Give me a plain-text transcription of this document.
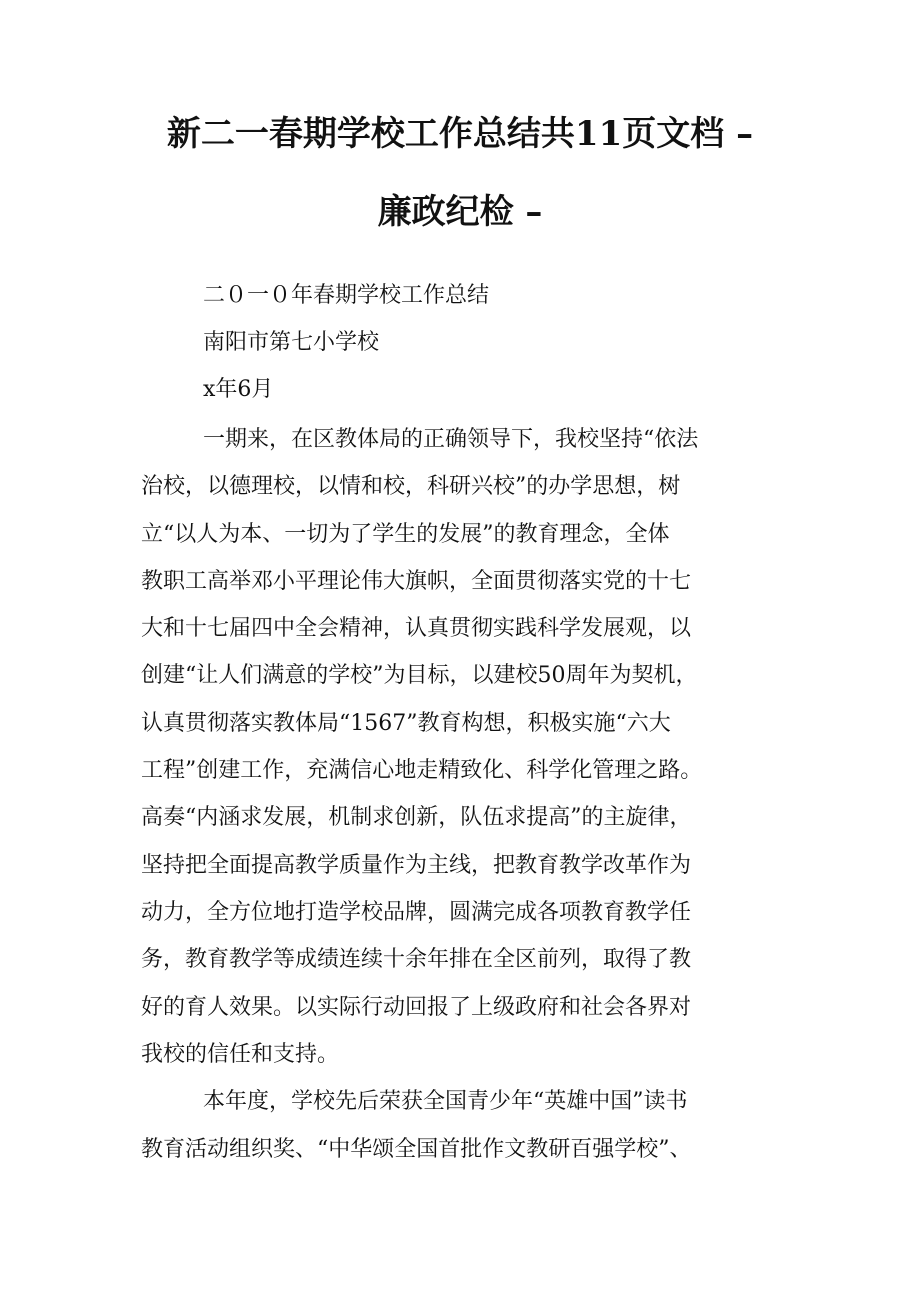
新二一春期学校工作总结共11页文档 –
廉政纪检 –
二０一０年春期学校工作总结
南阳市第七小学校
x年6月
一期来，在区教体局的正确领导下，我校坚持“依法
治校，以德理校，以情和校，科研兴校”的办学思想，树
立“以人为本、一切为了学生的发展”的教育理念，全体
教职工高举邓小平理论伟大旗帜，全面贯彻落实党的十七
大和十七届四中全会精神，认真贯彻实践科学发展观，以
创建“让人们满意的学校”为目标，以建校50周年为契机，
认真贯彻落实教体局“1567”教育构想，积极实施“六大
工程”创建工作，充满信心地走精致化、科学化管理之路。
高奏“内涵求发展，机制求创新，队伍求提高”的主旋律，
坚持把全面提高教学质量作为主线，把教育教学改革作为
动力，全方位地打造学校品牌，圆满完成各项教育教学任
务，教育教学等成绩连续十余年排在全区前列，取得了教
好的育人效果。以实际行动回报了上级政府和社会各界对
我校的信任和支持。
本年度，学校先后荣获全国青少年“英雄中国”读书
教育活动组织奖、“中华颂全国首批作文教研百强学校”、
